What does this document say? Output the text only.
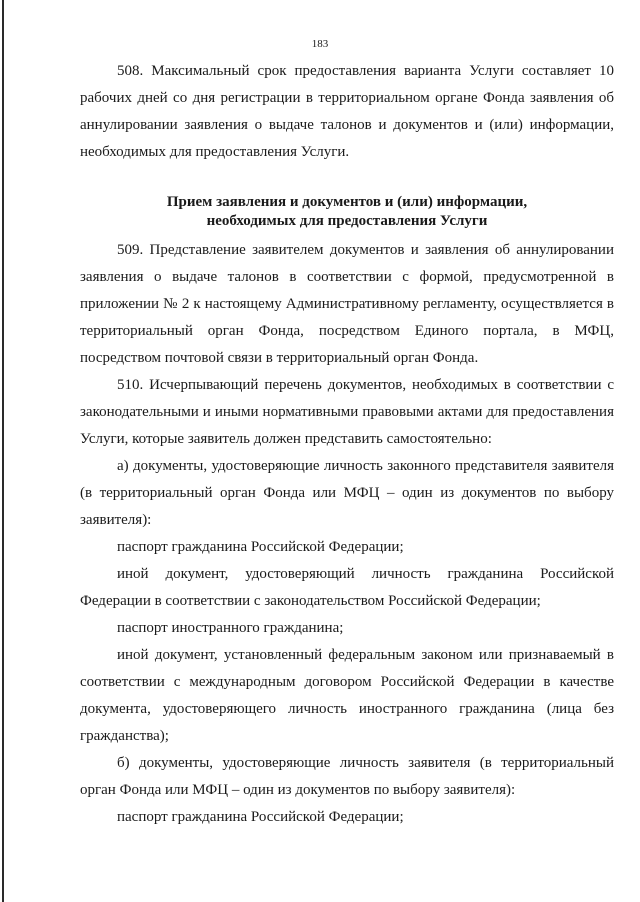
183

508. Максимальный срок предоставления варианта Услуги составляет 10 рабочих дней со дня регистрации в территориальном органе Фонда заявления об аннулировании заявления о выдаче талонов и документов и (или) информации, необходимых для предоставления Услуги.

Прием заявления и документов и (или) информации,
необходимых для предоставления Услуги

509. Представление заявителем документов и заявления об аннулировании заявления о выдаче талонов в соответствии с формой, предусмотренной в приложении № 2 к настоящему Административному регламенту, осуществляется в территориальный орган Фонда, посредством Единого портала, в МФЦ, посредством почтовой связи в территориальный орган Фонда.

510. Исчерпывающий перечень документов, необходимых в соответствии с законодательными и иными нормативными правовыми актами для предоставления Услуги, которые заявитель должен представить самостоятельно:

а) документы, удостоверяющие личность законного представителя заявителя (в территориальный орган Фонда или МФЦ – один из документов по выбору заявителя):

паспорт гражданина Российской Федерации;

иной документ, удостоверяющий личность гражданина Российской Федерации в соответствии с законодательством Российской Федерации;

паспорт иностранного гражданина;

иной документ, установленный федеральным законом или признаваемый в соответствии с международным договором Российской Федерации в качестве документа, удостоверяющего личность иностранного гражданина (лица без гражданства);

б) документы, удостоверяющие личность заявителя (в территориальный орган Фонда или МФЦ – один из документов по выбору заявителя):

паспорт гражданина Российской Федерации;
